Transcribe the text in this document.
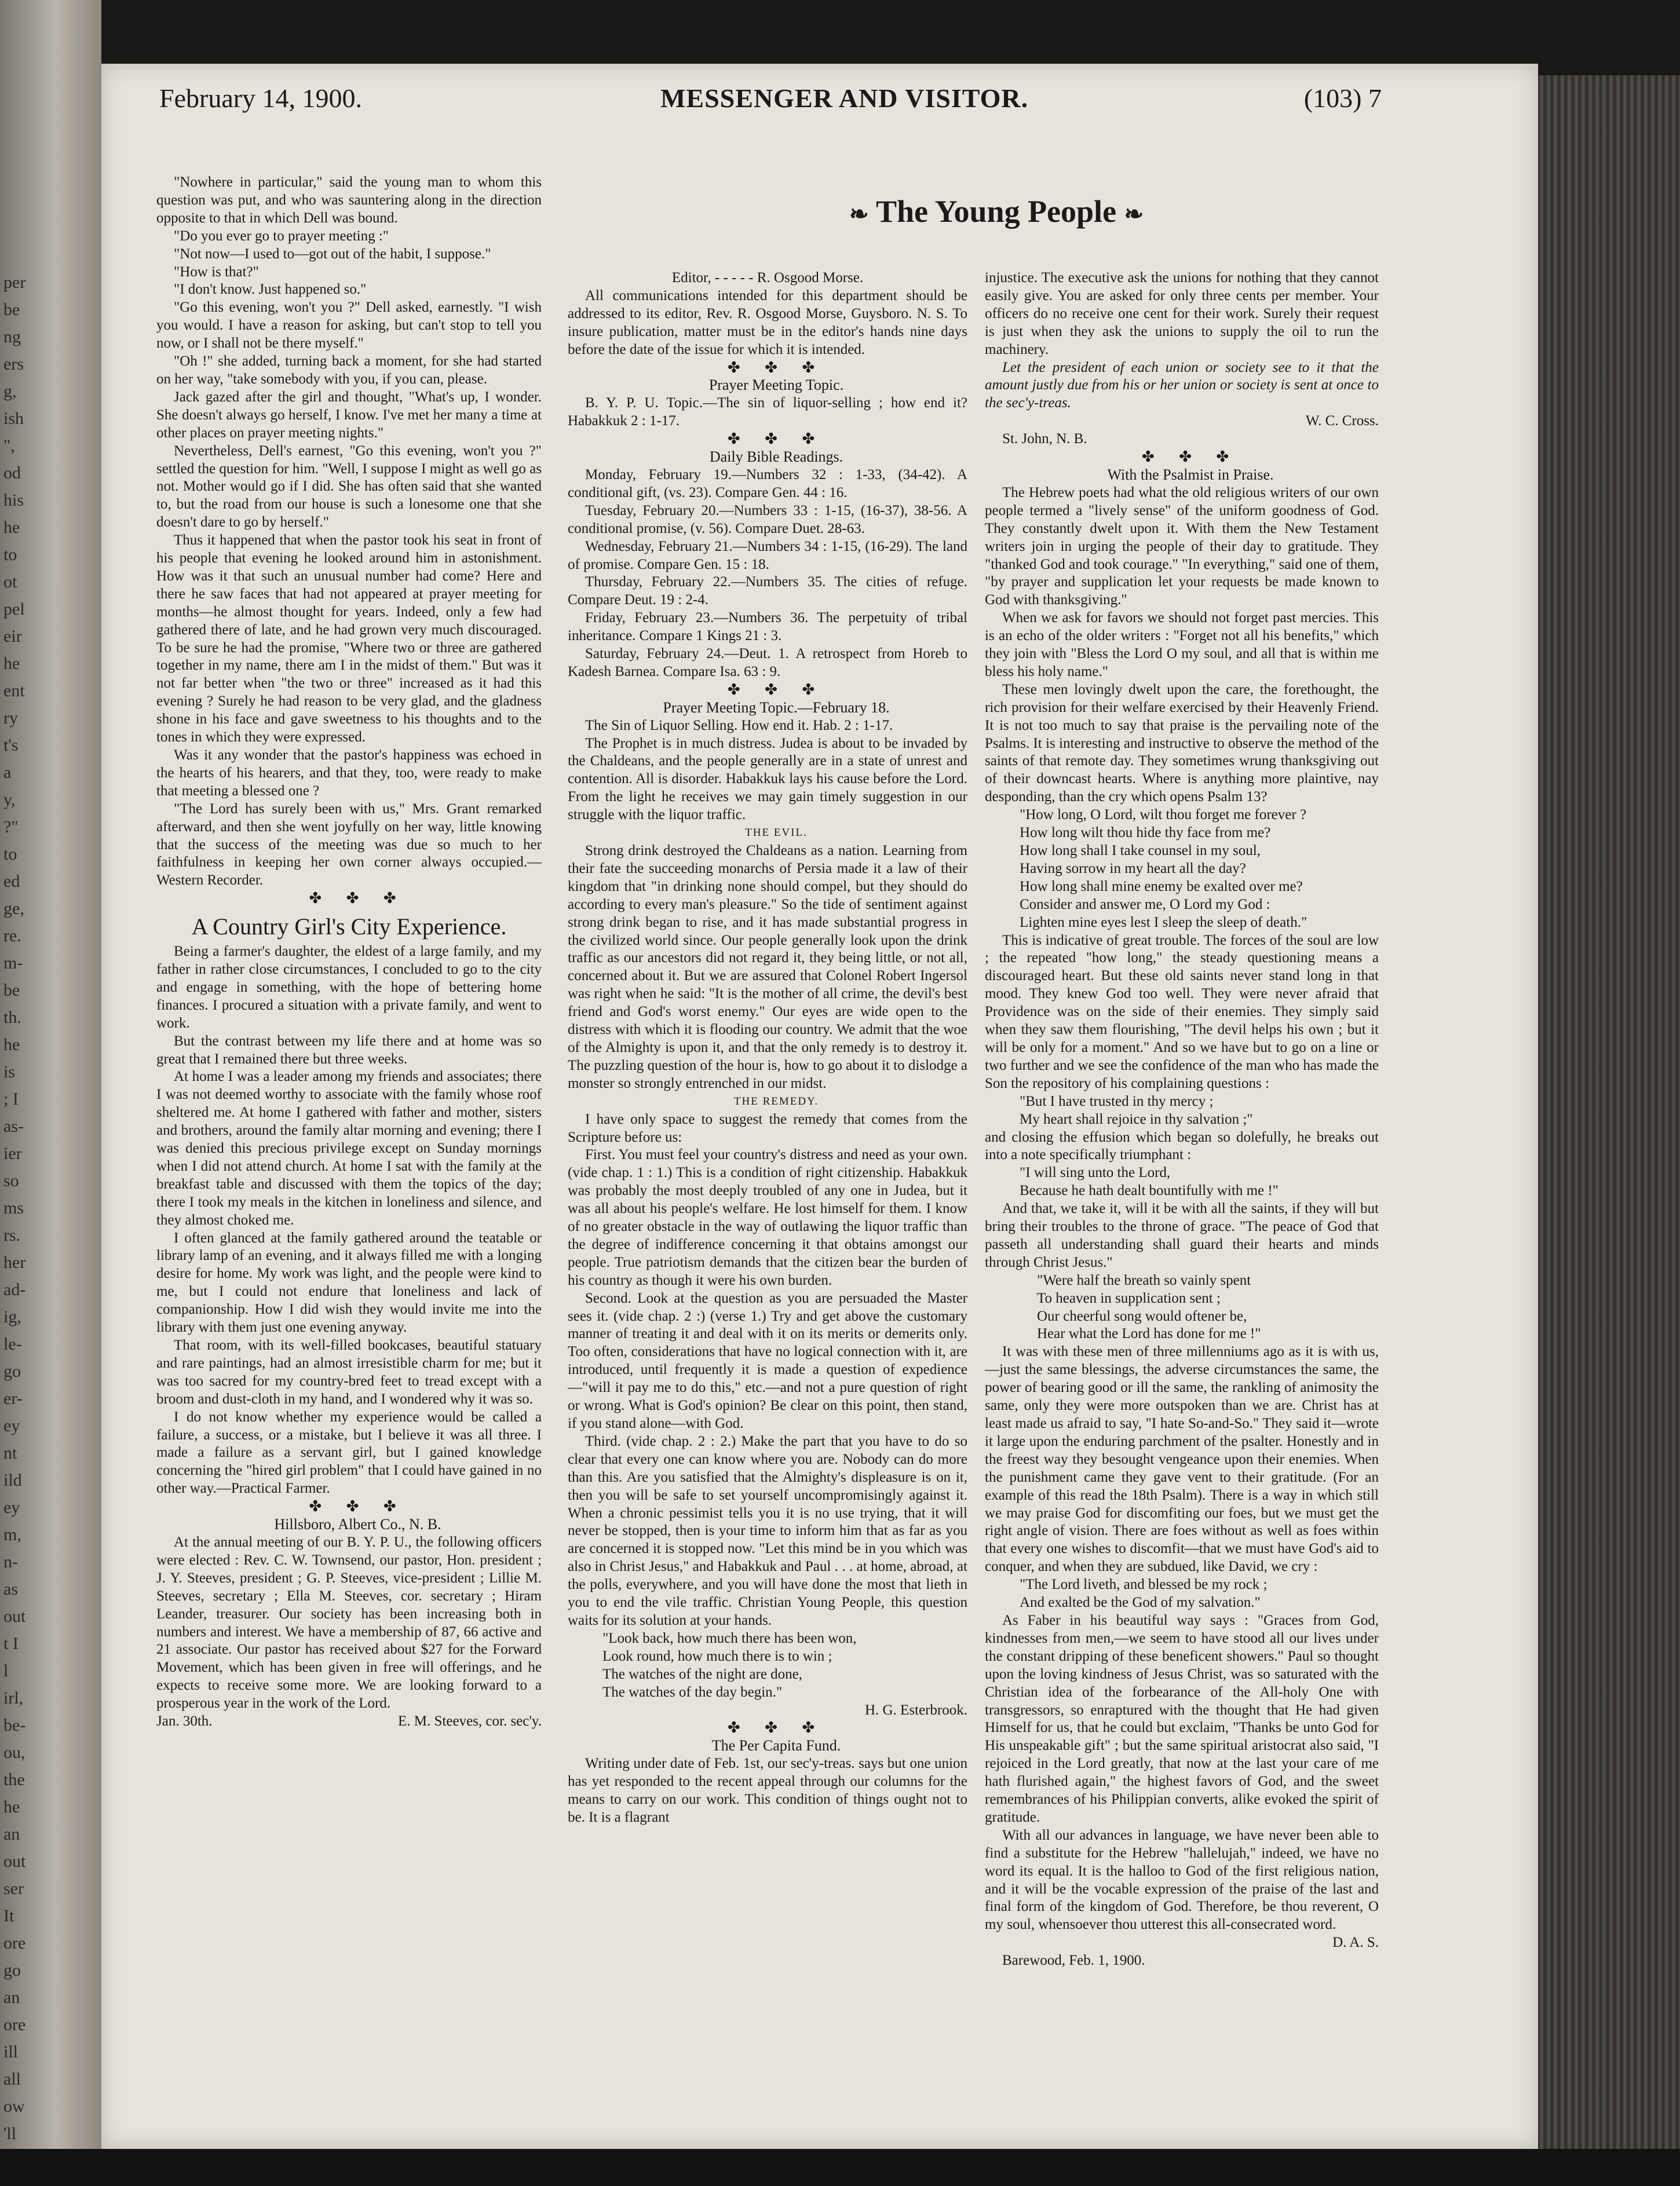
per
be
ng
ers
g,
ish
",
od
his
he
to
ot
pel
eir
he
ent
ry
t's
a
y,
?"
to
ed
ge,
re.
m-
be
th.
he
is
; I
as-
ier
so
ms
rs.
her
ad-
ig,
le-
go
er-
ey
nt
ild
ey
m,
n-
as
out
t I
l
irl,
be-
ou,
the
he
an
out
ser
It
ore
go
an
ore
ill
all
ow
'll
February 14, 1900.	MESSENGER AND VISITOR.	(103) 7
❧ The Young People ❧

"Nowhere in particular," said the young man to whom this question was put, and who was sauntering along in the direction opposite to that in which Dell was bound.

"Do you ever go to prayer meeting :"

"Not now—I used to—got out of the habit, I suppose."

"How is that?"

"I don't know. Just happened so."

"Go this evening, won't you ?" Dell asked, earnestly. "I wish you would. I have a reason for asking, but can't stop to tell you now, or I shall not be there myself."

"Oh !" she added, turning back a moment, for she had started on her way, "take somebody with you, if you can, please.

Jack gazed after the girl and thought, "What's up, I wonder. She doesn't always go herself, I know. I've met her many a time at other places on prayer meeting nights."

Nevertheless, Dell's earnest, "Go this evening, won't you ?" settled the question for him. "Well, I suppose I might as well go as not. Mother would go if I did. She has often said that she wanted to, but the road from our house is such a lonesome one that she doesn't dare to go by herself."

Thus it happened that when the pastor took his seat in front of his people that evening he looked around him in astonishment. How was it that such an unusual number had come? Here and there he saw faces that had not appeared at prayer meeting for months—he almost thought for years. Indeed, only a few had gathered there of late, and he had grown very much discouraged. To be sure he had the promise, "Where two or three are gathered together in my name, there am I in the midst of them." But was it not far better when "the two or three" increased as it had this evening ? Surely he had reason to be very glad, and the gladness shone in his face and gave sweetness to his thoughts and to the tones in which they were expressed.

Was it any wonder that the pastor's happiness was echoed in the hearts of his hearers, and that they, too, were ready to make that meeting a blessed one ?

"The Lord has surely been with us," Mrs. Grant remarked afterward, and then she went joyfully on her way, little knowing that the success of the meeting was due so much to her faithfulness in keeping her own corner always occupied.—Western Recorder.

✤ ✤ ✤

A Country Girl's City Experience.

Being a farmer's daughter, the eldest of a large family, and my father in rather close circumstances, I concluded to go to the city and engage in something, with the hope of bettering home finances. I procured a situation with a private family, and went to work.

But the contrast between my life there and at home was so great that I remained there but three weeks.

At home I was a leader among my friends and associates; there I was not deemed worthy to associate with the family whose roof sheltered me. At home I gathered with father and mother, sisters and brothers, around the family altar morning and evening; there I was denied this precious privilege except on Sunday mornings when I did not attend church. At home I sat with the family at the breakfast table and discussed with them the topics of the day; there I took my meals in the kitchen in loneliness and silence, and they almost choked me.

I often glanced at the family gathered around the teatable or library lamp of an evening, and it always filled me with a longing desire for home. My work was light, and the people were kind to me, but I could not endure that loneliness and lack of companionship. How I did wish they would invite me into the library with them just one evening anyway.

That room, with its well-filled bookcases, beautiful statuary and rare paintings, had an almost irresistible charm for me; but it was too sacred for my country-bred feet to tread except with a broom and dust-cloth in my hand, and I wondered why it was so.

I do not know whether my experience would be called a failure, a success, or a mistake, but I believe it was all three. I made a failure as a servant girl, but I gained knowledge concerning the "hired girl problem" that I could have gained in no other way.—Practical Farmer.

✤ ✤ ✤

Hillsboro, Albert Co., N. B.

At the annual meeting of our B. Y. P. U., the following officers were elected : Rev. C. W. Townsend, our pastor, Hon. president ; J. Y. Steeves, president ; G. P. Steeves, vice-president ; Lillie M. Steeves, secretary ; Ella M. Steeves, cor. secretary ; Hiram Leander, treasurer. Our society has been increasing both in numbers and interest. We have a membership of 87, 66 active and 21 associate. Our pastor has received about $27 for the Forward Movement, which has been given in free will offerings, and he expects to receive some more. We are looking forward to a prosperous year in the work of the Lord.

Jan. 30th.	E. M. Steeves, cor. sec'y.

Editor, - - - - - R. Osgood Morse.

All communications intended for this department should be addressed to its editor, Rev. R. Osgood Morse, Guysboro. N. S. To insure publication, matter must be in the editor's hands nine days before the date of the issue for which it is intended.

✤ ✤ ✤

Prayer Meeting Topic.

B. Y. P. U. Topic.—The sin of liquor-selling ; how end it? Habakkuk 2 : 1-17.

✤ ✤ ✤

Daily Bible Readings.

Monday, February 19.—Numbers 32 : 1-33, (34-42). A conditional gift, (vs. 23). Compare Gen. 44 : 16.

Tuesday, February 20.—Numbers 33 : 1-15, (16-37), 38-56. A conditional promise, (v. 56). Compare Duet. 28-63.

Wednesday, February 21.—Numbers 34 : 1-15, (16-29). The land of promise. Compare Gen. 15 : 18.

Thursday, February 22.—Numbers 35. The cities of refuge. Compare Deut. 19 : 2-4.

Friday, February 23.—Numbers 36. The perpetuity of tribal inheritance. Compare 1 Kings 21 : 3.

Saturday, February 24.—Deut. 1. A retrospect from Horeb to Kadesh Barnea. Compare Isa. 63 : 9.

✤ ✤ ✤

Prayer Meeting Topic.—February 18.

The Sin of Liquor Selling. How end it. Hab. 2 : 1-17.

The Prophet is in much distress. Judea is about to be invaded by the Chaldeans, and the people generally are in a state of unrest and contention. All is disorder. Habakkuk lays his cause before the Lord. From the light he receives we may gain timely suggestion in our struggle with the liquor traffic.

THE EVIL.

Strong drink destroyed the Chaldeans as a nation. Learning from their fate the succeeding monarchs of Persia made it a law of their kingdom that "in drinking none should compel, but they should do according to every man's pleasure." So the tide of sentiment against strong drink began to rise, and it has made substantial progress in the civilized world since. Our people generally look upon the drink traffic as our ancestors did not regard it, they being little, or not all, concerned about it. But we are assured that Colonel Robert Ingersol was right when he said: "It is the mother of all crime, the devil's best friend and God's worst enemy." Our eyes are wide open to the distress with which it is flooding our country. We admit that the woe of the Almighty is upon it, and that the only remedy is to destroy it. The puzzling question of the hour is, how to go about it to dislodge a monster so strongly entrenched in our midst.

THE REMEDY.

I have only space to suggest the remedy that comes from the Scripture before us:

First. You must feel your country's distress and need as your own. (vide chap. 1 : 1.) This is a condition of right citizenship. Habakkuk was probably the most deeply troubled of any one in Judea, but it was all about his people's welfare. He lost himself for them. I know of no greater obstacle in the way of outlawing the liquor traffic than the degree of indifference concerning it that obtains amongst our people. True patriotism demands that the citizen bear the burden of his country as though it were his own burden.

Second. Look at the question as you are persuaded the Master sees it. (vide chap. 2 :) (verse 1.) Try and get above the customary manner of treating it and deal with it on its merits or demerits only. Too often, considerations that have no logical connection with it, are introduced, until frequently it is made a question of expedience—"will it pay me to do this," etc.—and not a pure question of right or wrong. What is God's opinion? Be clear on this point, then stand, if you stand alone—with God.

Third. (vide chap. 2 : 2.) Make the part that you have to do so clear that every one can know where you are. Nobody can do more than this. Are you satisfied that the Almighty's displeasure is on it, then you will be safe to set yourself uncompromisingly against it. When a chronic pessimist tells you it is no use trying, that it will never be stopped, then is your time to inform him that as far as you are concerned it is stopped now. "Let this mind be in you which was also in Christ Jesus," and Habakkuk and Paul . . . at home, abroad, at the polls, everywhere, and you will have done the most that lieth in you to end the vile traffic. Christian Young People, this question waits for its solution at your hands.

"Look back, how much there has been won,

Look round, how much there is to win ;

The watches of the night are done,

The watches of the day begin."

H. G. Esterbrook.

✤ ✤ ✤

The Per Capita Fund.

Writing under date of Feb. 1st, our sec'y-treas. says but one union has yet responded to the recent appeal through our columns for the means to carry on our work. This condition of things ought not to be. It is a flagrant

injustice. The executive ask the unions for nothing that they cannot easily give. You are asked for only three cents per member. Your officers do no receive one cent for their work. Surely their request is just when they ask the unions to supply the oil to run the machinery.

Let the president of each union or society see to it that the amount justly due from his or her union or society is sent at once to the sec'y-treas.

W. C. Cross.

St. John, N. B.

✤ ✤ ✤

With the Psalmist in Praise.

The Hebrew poets had what the old religious writers of our own people termed a "lively sense" of the uniform goodness of God. They constantly dwelt upon it. With them the New Testament writers join in urging the people of their day to gratitude. They "thanked God and took courage." "In everything," said one of them, "by prayer and supplication let your requests be made known to God with thanksgiving."

When we ask for favors we should not forget past mercies. This is an echo of the older writers : "Forget not all his benefits," which they join with "Bless the Lord O my soul, and all that is within me bless his holy name."

These men lovingly dwelt upon the care, the forethought, the rich provision for their welfare exercised by their Heavenly Friend. It is not too much to say that praise is the pervailing note of the Psalms. It is interesting and instructive to observe the method of the saints of that remote day. They sometimes wrung thanksgiving out of their downcast hearts. Where is anything more plaintive, nay desponding, than the cry which opens Psalm 13?

"How long, O Lord, wilt thou forget me forever ?

How long wilt thou hide thy face from me?

How long shall I take counsel in my soul,

Having sorrow in my heart all the day?

How long shall mine enemy be exalted over me?

Consider and answer me, O Lord my God :

Lighten mine eyes lest I sleep the sleep of death."

This is indicative of great trouble. The forces of the soul are low ; the repeated "how long," the steady questioning means a discouraged heart. But these old saints never stand long in that mood. They knew God too well. They were never afraid that Providence was on the side of their enemies. They simply said when they saw them flourishing, "The devil helps his own ; but it will be only for a moment." And so we have but to go on a line or two further and we see the confidence of the man who has made the Son the repository of his complaining questions :

"But I have trusted in thy mercy ;

My heart shall rejoice in thy salvation ;"

and closing the effusion which began so dolefully, he breaks out into a note specifically triumphant :

"I will sing unto the Lord,

Because he hath dealt bountifully with me !"

And that, we take it, will it be with all the saints, if they will but bring their troubles to the throne of grace. "The peace of God that passeth all understanding shall guard their hearts and minds through Christ Jesus."

"Were half the breath so vainly spent

To heaven in supplication sent ;

Our cheerful song would oftener be,

Hear what the Lord has done for me !"

It was with these men of three millenniums ago as it is with us,—just the same blessings, the adverse circumstances the same, the power of bearing good or ill the same, the rankling of animosity the same, only they were more outspoken than we are. Christ has at least made us afraid to say, "I hate So-and-So." They said it—wrote it large upon the enduring parchment of the psalter. Honestly and in the freest way they besought vengeance upon their enemies. When the punishment came they gave vent to their gratitude. (For an example of this read the 18th Psalm). There is a way in which still we may praise God for discomfiting our foes, but we must get the right angle of vision. There are foes without as well as foes within that every one wishes to discomfit—that we must have God's aid to conquer, and when they are subdued, like David, we cry :

"The Lord liveth, and blessed be my rock ;

And exalted be the God of my salvation."

As Faber in his beautiful way says : "Graces from God, kindnesses from men,—we seem to have stood all our lives under the constant dripping of these beneficent showers." Paul so thought upon the loving kindness of Jesus Christ, was so saturated with the Christian idea of the forbearance of the All-holy One with transgressors, so enraptured with the thought that He had given Himself for us, that he could but exclaim, "Thanks be unto God for His unspeakable gift" ; but the same spiritual aristocrat also said, "I rejoiced in the Lord greatly, that now at the last your care of me hath flurished again," the highest favors of God, and the sweet remembrances of his Philippian converts, alike evoked the spirit of gratitude.

With all our advances in language, we have never been able to find a substitute for the Hebrew "hallelujah," indeed, we have no word its equal. It is the halloo to God of the first religious nation, and it will be the vocable expression of the praise of the last and final form of the kingdom of God. Therefore, be thou reverent, O my soul, whensoever thou utterest this all-consecrated word.

D. A. S.

Barewood, Feb. 1, 1900.
